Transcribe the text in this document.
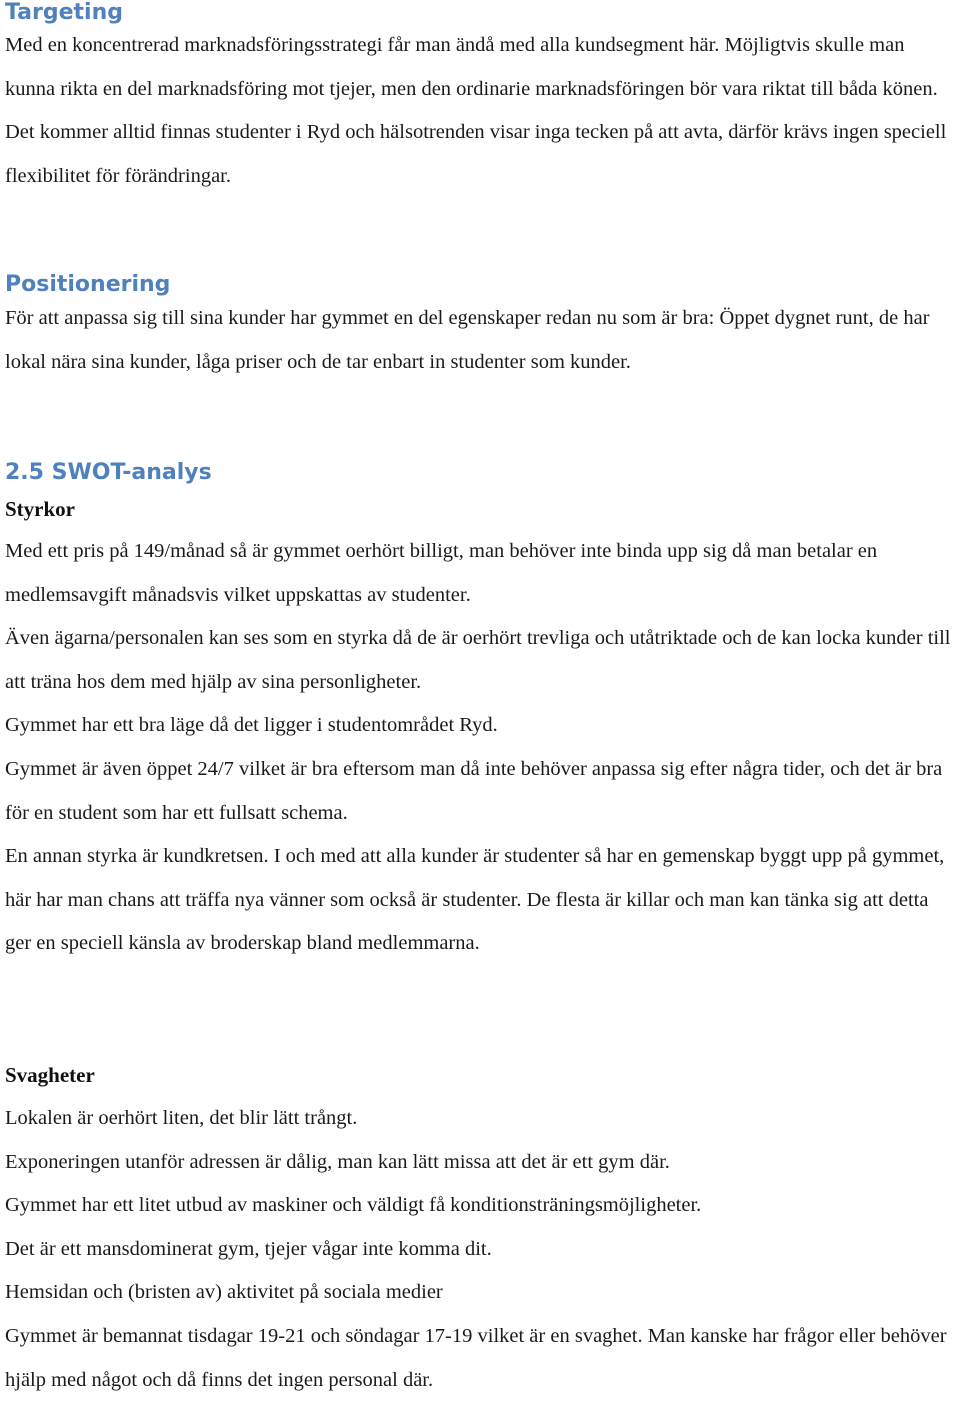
Targeting

Med en koncentrerad marknadsföringsstrategi får man ändå med alla kundsegment här. Möjligtvis skulle man kunna rikta en del marknadsföring mot tjejer, men den ordinarie marknadsföringen bör vara riktat till båda könen. Det kommer alltid finnas studenter i Ryd och hälsotrenden visar inga tecken på att avta, därför krävs ingen speciell flexibilitet för förändringar.

Positionering

För att anpassa sig till sina kunder har gymmet en del egenskaper redan nu som är bra: Öppet dygnet runt, de har lokal nära sina kunder, låga priser och de tar enbart in studenter som kunder.

2.5 SWOT-analys
Styrkor

Med ett pris på 149/månad så är gymmet oerhört billigt, man behöver inte binda upp sig då man betalar en medlemsavgift månadsvis vilket uppskattas av studenter.

Även ägarna/personalen kan ses som en styrka då de är oerhört trevliga och utåtriktade och de kan locka kunder till att träna hos dem med hjälp av sina personligheter.

Gymmet har ett bra läge då det ligger i studentområdet Ryd.

Gymmet är även öppet 24/7 vilket är bra eftersom man då inte behöver anpassa sig efter några tider, och det är bra för en student som har ett fullsatt schema.

En annan styrka är kundkretsen. I och med att alla kunder är studenter så har en gemenskap byggt upp på gymmet, här har man chans att träffa nya vänner som också är studenter. De flesta är killar och man kan tänka sig att detta ger en speciell känsla av broderskap bland medlemmarna.

Svagheter

Lokalen är oerhört liten, det blir lätt trångt.

Exponeringen utanför adressen är dålig, man kan lätt missa att det är ett gym där.

Gymmet har ett litet utbud av maskiner och väldigt få konditionsträningsmöjligheter.

Det är ett mansdominerat gym, tjejer vågar inte komma dit.

Hemsidan och (bristen av) aktivitet på sociala medier

Gymmet är bemannat tisdagar 19-21 och söndagar 17-19 vilket är en svaghet. Man kanske har frågor eller behöver hjälp med något och då finns det ingen personal där.
